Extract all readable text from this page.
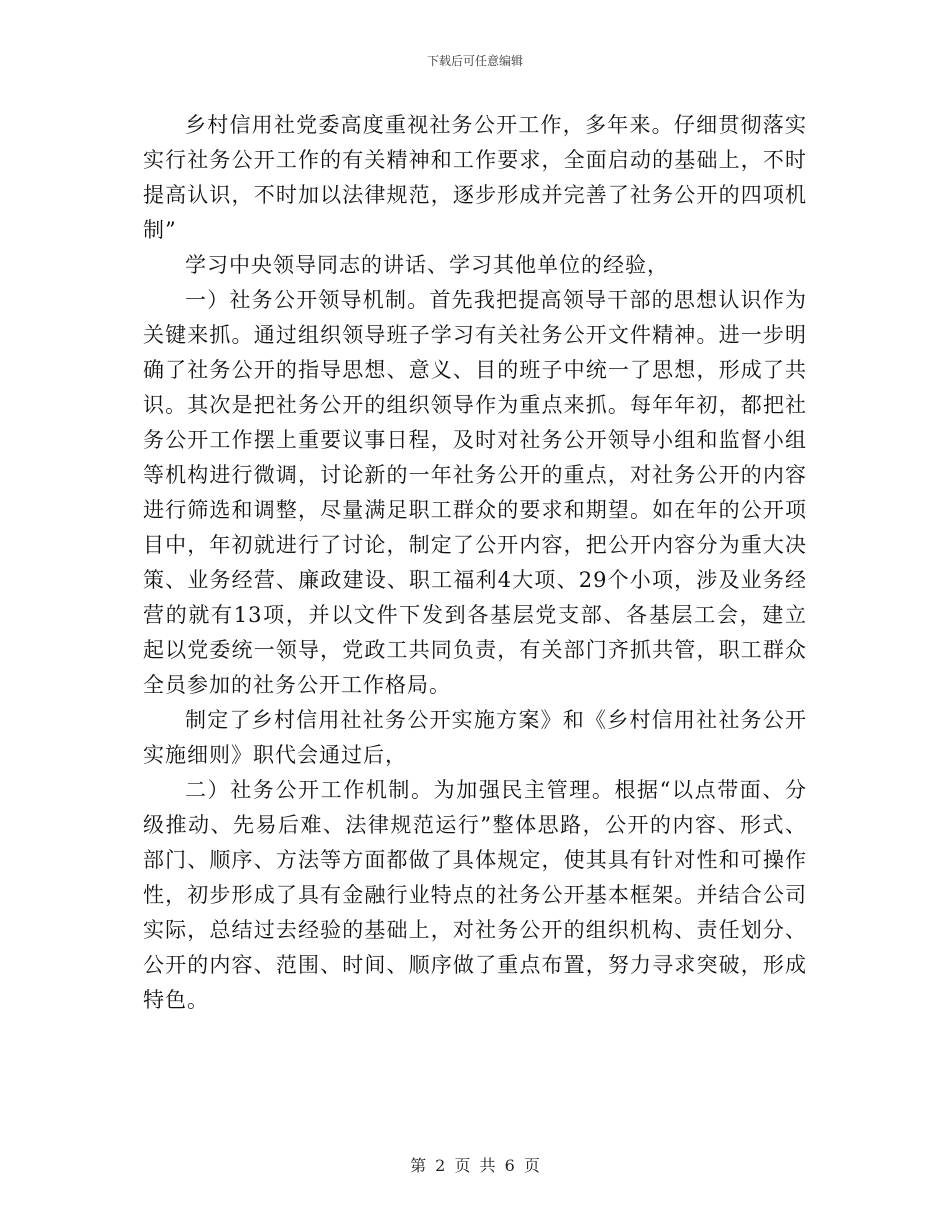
下载后可任意编辑

乡村信用社党委高度重视社务公开工作，多年来。仔细贯彻落实实行社务公开工作的有关精神和工作要求，全面启动的基础上，不时提高认识，不时加以法律规范，逐步形成并完善了社务公开的四项机制”

学习中央领导同志的讲话、学习其他单位的经验，

一）社务公开领导机制。首先我把提高领导干部的思想认识作为关键来抓。通过组织领导班子学习有关社务公开文件精神。进一步明确了社务公开的指导思想、意义、目的班子中统一了思想，形成了共识。其次是把社务公开的组织领导作为重点来抓。每年年初，都把社务公开工作摆上重要议事日程，及时对社务公开领导小组和监督小组等机构进行微调，讨论新的一年社务公开的重点，对社务公开的内容进行筛选和调整，尽量满足职工群众的要求和期望。如在年的公开项目中，年初就进行了讨论，制定了公开内容，把公开内容分为重大决策、业务经营、廉政建设、职工福利4大项、29个小项，涉及业务经营的就有13项，并以文件下发到各基层党支部、各基层工会，建立起以党委统一领导，党政工共同负责，有关部门齐抓共管，职工群众全员参加的社务公开工作格局。

制定了乡村信用社社务公开实施方案》和《乡村信用社社务公开实施细则》职代会通过后，

二）社务公开工作机制。为加强民主管理。根据“以点带面、分级推动、先易后难、法律规范运行”整体思路，公开的内容、形式、部门、顺序、方法等方面都做了具体规定，使其具有针对性和可操作性，初步形成了具有金融行业特点的社务公开基本框架。并结合公司实际，总结过去经验的基础上，对社务公开的组织机构、责任划分、公开的内容、范围、时间、顺序做了重点布置，努力寻求突破，形成特色。

第 2 页 共 6 页
